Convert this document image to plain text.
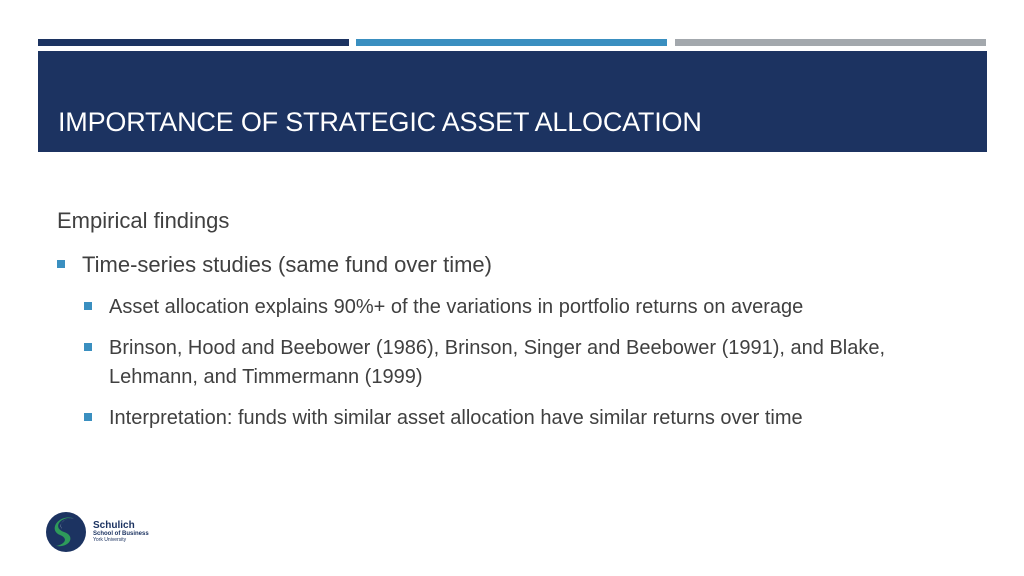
IMPORTANCE OF STRATEGIC ASSET ALLOCATION

Empirical findings

Time-series studies (same fund over time)
Asset allocation explains 90%+ of the variations in portfolio returns on average
Brinson, Hood and Beebower (1986), Brinson, Singer and Beebower (1991), and Blake, Lehmann, and Timmermann (1999)
Interpretation: funds with similar asset allocation have similar returns over time
Schulich
School of Business
York University
